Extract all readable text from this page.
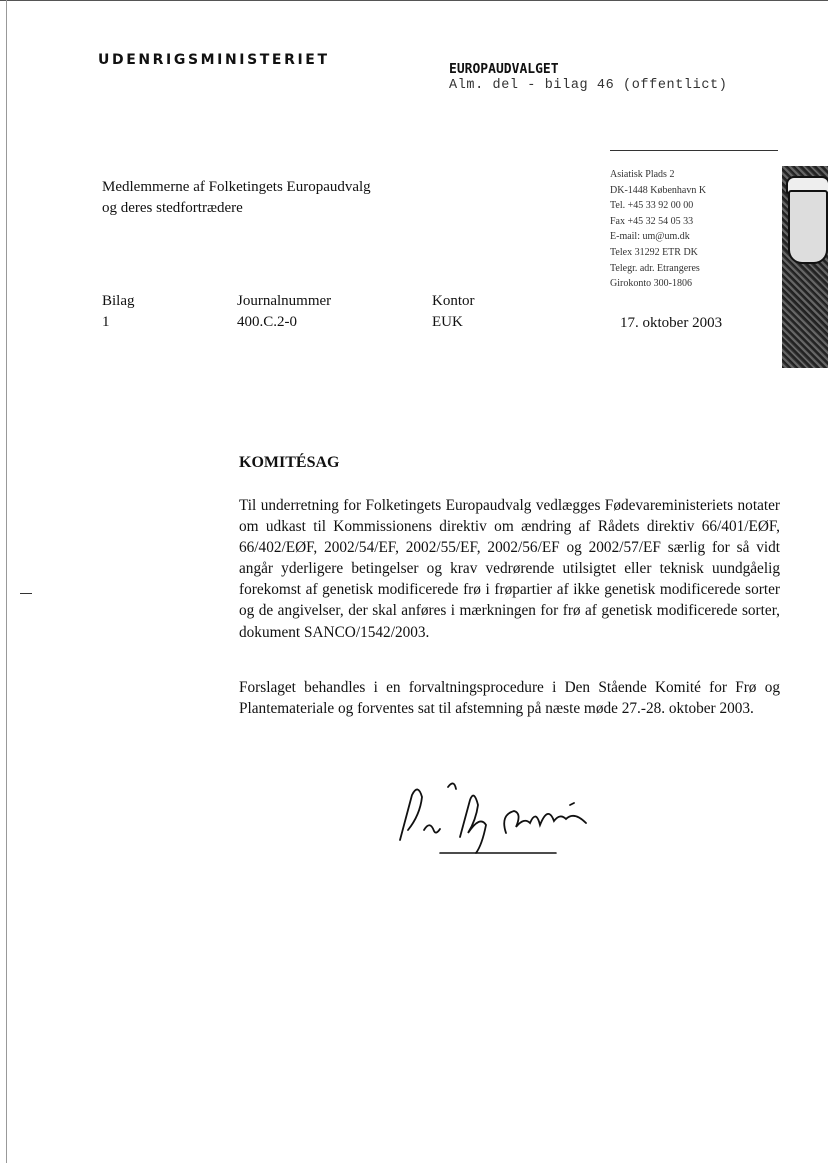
UDENRIGSMINISTERIET
EUROPAUDVALGET
Alm. del - bilag 46 (offentlict)
Asiatisk Plads 2
DK-1448 København K
Tel. +45 33 92 00 00
Fax +45 32 54 05 33
E-mail: um@um.dk
Telex 31292 ETR DK
Telegr. adr. Etrangeres
Girokonto 300-1806
Medlemmerne af Folketingets Europaudvalg
og deres stedfortrædere
Bilag
1
Journalnummer
400.C.2-0
Kontor
EUK	17. oktober 2003
KOMITÉSAG
Til underretning for Folketingets Europaudvalg vedlægges Fødevareministeriets notater om udkast til Kommissionens direktiv om ændring af Rådets direktiv 66/401/EØF, 66/402/EØF, 2002/54/EF, 2002/55/EF, 2002/56/EF og 2002/57/EF særlig for så vidt angår yderligere betingelser og krav vedrørende utilsigtet eller teknisk uundgåelig forekomst af genetisk modificerede frø i frøpartier af ikke genetisk modificerede sorter og de angivelser, der skal anføres i mærkningen for frø af genetisk modificerede sorter, dokument SANCO/1542/2003.
Forslaget behandles i en forvaltningsprocedure i Den Stående Komité for Frø og Plantemateriale og forventes sat til afstemning på næste møde 27.-28. oktober 2003.
